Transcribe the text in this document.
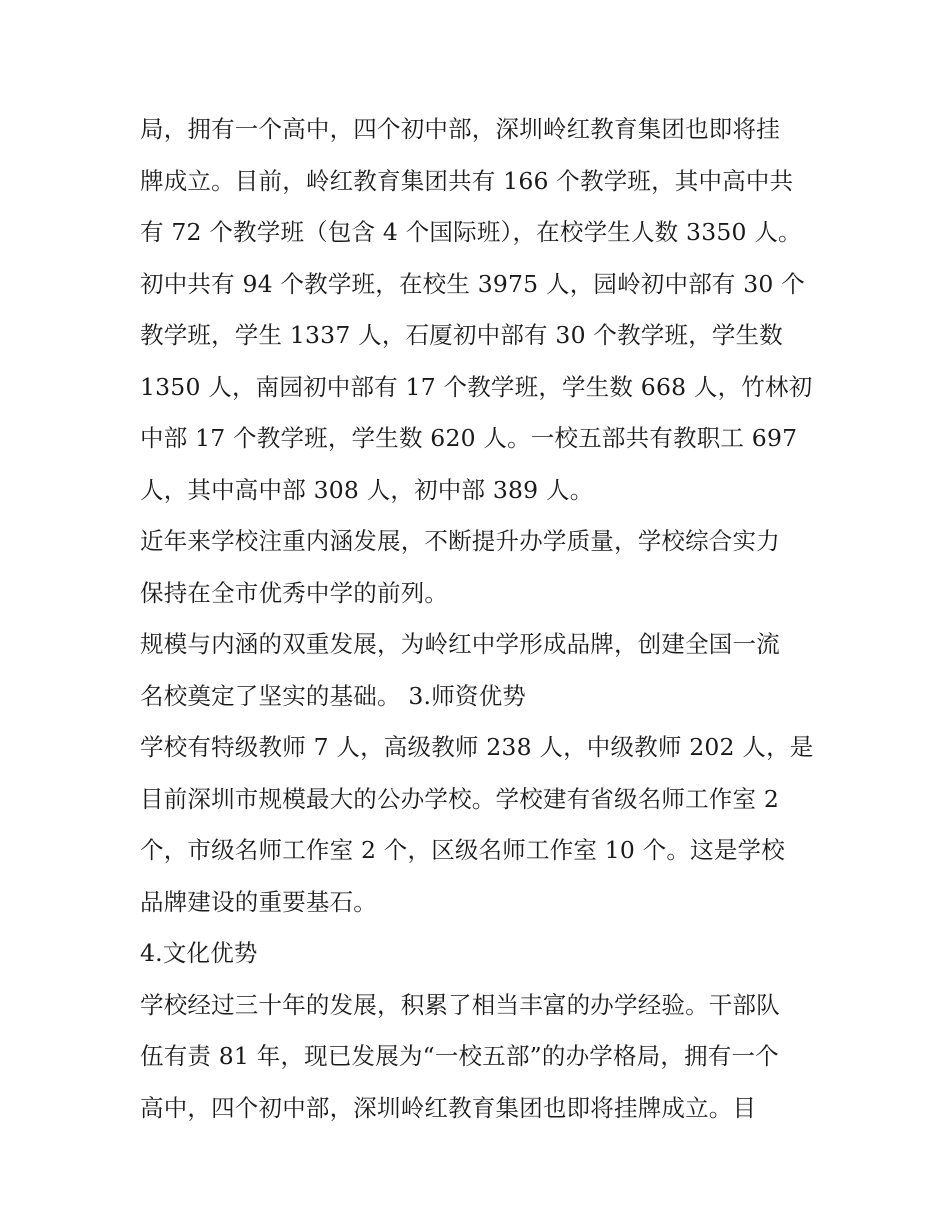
局，拥有一个高中，四个初中部，深圳岭红教育集团也即将挂
牌成立。目前，岭红教育集团共有 166 个教学班，其中高中共
有 72 个教学班（包含 4 个国际班），在校学生人数 3350 人。
初中共有 94 个教学班，在校生 3975 人，园岭初中部有 30 个
教学班，学生 1337 人，石厦初中部有 30 个教学班，学生数
1350 人，南园初中部有 17 个教学班，学生数 668 人，竹林初
中部 17 个教学班，学生数 620 人。一校五部共有教职工 697
人，其中高中部 308 人，初中部 389 人。
近年来学校注重内涵发展，不断提升办学质量，学校综合实力
保持在全市优秀中学的前列。
规模与内涵的双重发展，为岭红中学形成品牌，创建全国一流
名校奠定了坚实的基础。 3.师资优势
学校有特级教师 7 人，高级教师 238 人，中级教师 202 人，是
目前深圳市规模最大的公办学校。学校建有省级名师工作室 2
个，市级名师工作室 2 个，区级名师工作室 10 个。这是学校
品牌建设的重要基石。
4.文化优势
学校经过三十年的发展，积累了相当丰富的办学经验。干部队
伍有责 81 年，现已发展为“一校五部”的办学格局，拥有一个
高中，四个初中部，深圳岭红教育集团也即将挂牌成立。目
